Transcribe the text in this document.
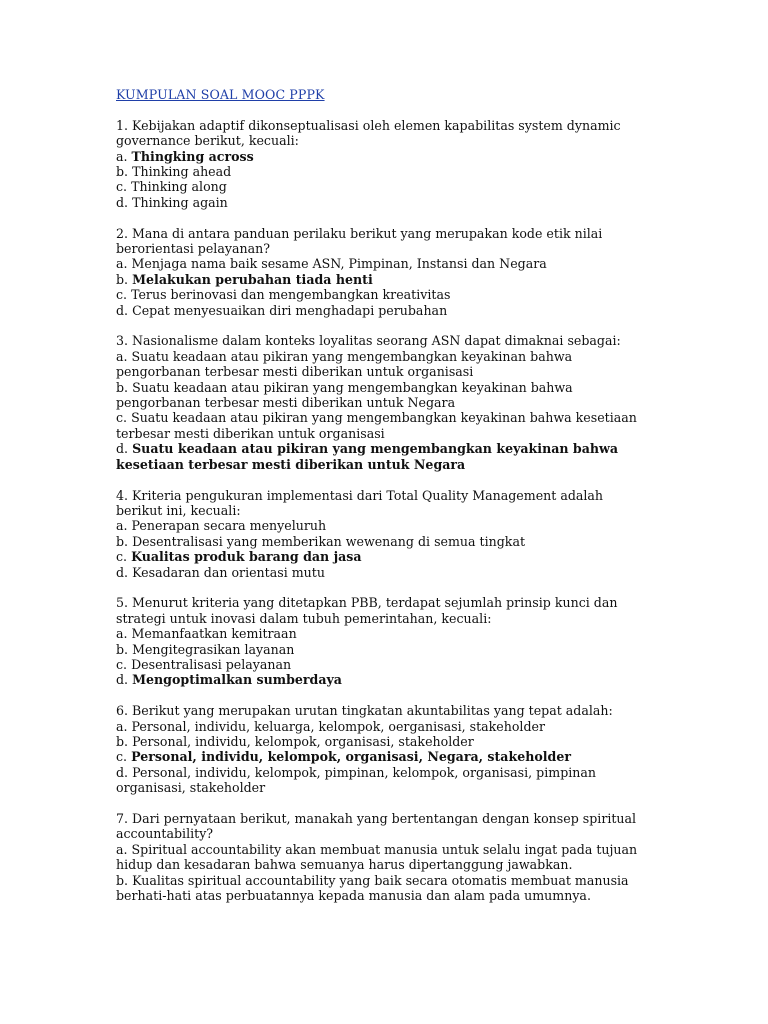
KUMPULAN SOAL MOOC PPPK
1. Kebijakan adaptif dikonseptualisasi oleh elemen kapabilitas system dynamic governance berikut, kecuali:
a. Thingking across
b. Thinking ahead
c. Thinking along
d. Thinking again
2. Mana di antara panduan perilaku berikut yang merupakan kode etik nilai berorientasi pelayanan?
a. Menjaga nama baik sesame ASN, Pimpinan, Instansi dan Negara
b. Melakukan perubahan tiada henti
c. Terus berinovasi dan mengembangkan kreativitas
d. Cepat menyesuaikan diri menghadapi perubahan
3. Nasionalisme dalam konteks loyalitas seorang ASN dapat dimaknai sebagai:
a. Suatu keadaan atau pikiran yang mengembangkan keyakinan bahwa pengorbanan terbesar mesti diberikan untuk organisasi
b. Suatu keadaan atau pikiran yang mengembangkan keyakinan bahwa pengorbanan terbesar mesti diberikan untuk Negara
c. Suatu keadaan atau pikiran yang mengembangkan keyakinan bahwa kesetiaan terbesar mesti diberikan untuk organisasi
d. Suatu keadaan atau pikiran yang mengembangkan keyakinan bahwa kesetiaan terbesar mesti diberikan untuk Negara
4. Kriteria pengukuran implementasi dari Total Quality Management adalah berikut ini, kecuali:
a. Penerapan secara menyeluruh
b. Desentralisasi yang memberikan wewenang di semua tingkat
c. Kualitas produk barang dan jasa
d. Kesadaran dan orientasi mutu
5. Menurut kriteria yang ditetapkan PBB, terdapat sejumlah prinsip kunci dan strategi untuk inovasi dalam tubuh pemerintahan, kecuali:
a. Memanfaatkan kemitraan
b. Mengitegrasikan layanan
c. Desentralisasi pelayanan
d. Mengoptimalkan sumberdaya
6. Berikut yang merupakan urutan tingkatan akuntabilitas yang tepat adalah:
a. Personal, individu, keluarga, kelompok, oerganisasi, stakeholder
b. Personal, individu, kelompok, organisasi, stakeholder
c. Personal, individu, kelompok, organisasi, Negara, stakeholder
d. Personal, individu, kelompok, pimpinan, kelompok, organisasi, pimpinan organisasi, stakeholder
7. Dari pernyataan berikut, manakah yang bertentangan dengan konsep spiritual accountability?
a. Spiritual accountability akan membuat manusia untuk selalu ingat pada tujuan hidup dan kesadaran bahwa semuanya harus dipertanggung jawabkan.
b. Kualitas spiritual accountability yang baik secara otomatis membuat manusia berhati-hati atas perbuatannya kepada manusia dan alam pada umumnya.
